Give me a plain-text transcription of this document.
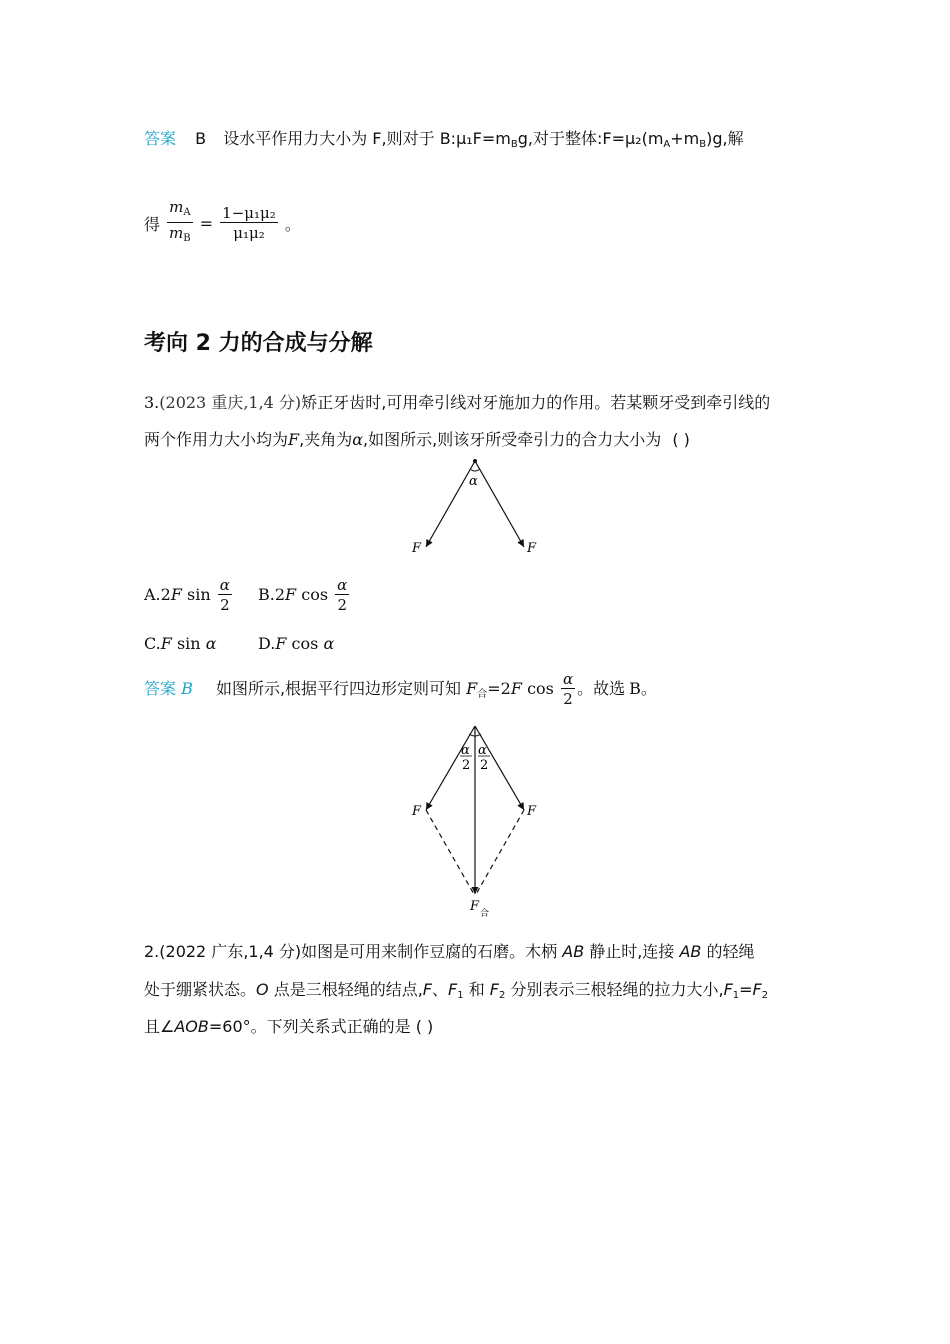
答案 B 设水平作用力大小为 F,则对于 $B:\mu_1F=m_Bg$,对于整体$:F=\mu_2(m_A+m_B)g$,解
得 $\frac{m_A}{m_B} = \frac{\text{1−μ₁μ₂}}{\text{μ₁μ₂}}$ 。
考向 2 力的合成与分解
3.(2023 重庆,1,4 分)矫正牙齿时,可用牵引线对牙施加力的作用。若某颗牙受到牵引线的
两个作用力大小均为F,夹角为α,如图所示,则该牙所受牵引力的合力大小为 ( )
α
F	F
A.2F $\sin \frac{\alpha}{2} B.2F$ $\cos \frac{\alpha}{2}$
C.F sin α	D.F cos α
答案 B 如图所示,根据平行四边形定则可知 $F_合=2F$ $\cos \frac{\alpha}{2}$ 。故选 B。
α
2
α
2
F	F
F 合
2.(2022 广东,1,4 分)如图是可用来制作豆腐的石磨。木柄 AB 静止时,连接 AB 的轻绳
处于绷紧状态。O 点是三根轻绳的结点,F、$F_1$ 和 $F_2$ 分别表示三根轻绳的拉力大小$,F_1=F_2$
且∠AOB=60°。下列关系式正确的是 ( )
